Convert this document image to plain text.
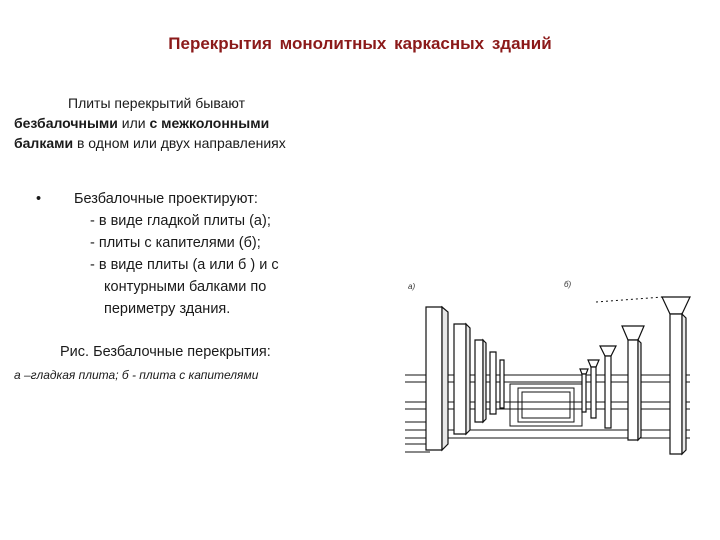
Перекрытия монолитных каркасных зданий
Плиты перекрытий бывают
безбалочными или с межколонными
балками в одном или двух направлениях
• Безбалочные проектируют:
- в виде гладкой плиты (а);
- плиты с капителями (б);
- в виде плиты (а или б ) и с
контурными балками по
периметру здания.
Рис. Безбалочные перекрытия:
а –гладкая плита; б - плита с капителями
а)	б)
